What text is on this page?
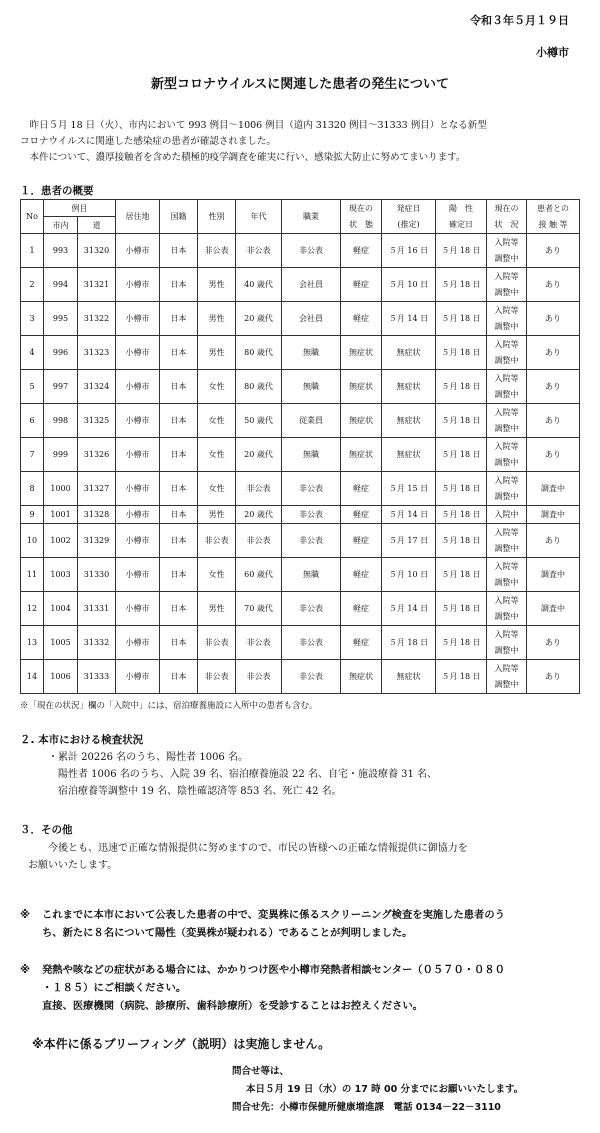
令和３年５月１９日
小樽市
新型コロナウイルスに関連した患者の発生について

昨日５月 18 日（火）、市内において 993 例目～1006 例目（道内 31320 例目～31333 例目）となる新型

コロナウイルスに関連した感染症の患者が確認されました。

本件について、濃厚接触者を含めた積極的疫学調査を確実に行い、感染拡大防止に努めてまいります。

１．患者の概要
No	例目		居住地	国籍	性別	年代	職業	現在の
状　態	発症日
(推定)	陽　性
確定日	現在の
状　況	患者との
接 触 等

	市内	道										
1	993	31320	小樽市	日本	非公表	非公表	非公表	軽症	５月 16 日	５月 18 日	入院等
調整中	あり
2	994	31321	小樽市	日本	男性	40 歳代	会社員	軽症	５月 10 日	５月 18 日	入院等
調整中	あり
3	995	31322	小樽市	日本	男性	20 歳代	会社員	軽症	５月 14 日	５月 18 日	入院等
調整中	あり
4	996	31323	小樽市	日本	男性	80 歳代	無職	無症状	無症状	５月 18 日	入院等
調整中	あり
5	997	31324	小樽市	日本	女性	80 歳代	無職	無症状	無症状	５月 18 日	入院等
調整中	あり
6	998	31325	小樽市	日本	女性	50 歳代	従業員	無症状	無症状	５月 18 日	入院等
調整中	あり
7	999	31326	小樽市	日本	女性	20 歳代	無職	無症状	無症状	５月 18 日	入院等
調整中	あり
8	1000	31327	小樽市	日本	女性	非公表	非公表	軽症	５月 15 日	５月 18 日	入院等
調整中	調査中
9	1001	31328	小樽市	日本	男性	20 歳代	非公表	軽症	５月 14 日	５月 18 日	入院中	調査中
10	1002	31329	小樽市	日本	非公表	非公表	非公表	軽症	５月 17 日	５月 18 日	入院等
調整中	あり
11	1003	31330	小樽市	日本	女性	60 歳代	無職	軽症	５月 10 日	５月 18 日	入院等
調整中	調査中
12	1004	31331	小樽市	日本	男性	70 歳代	非公表	軽症	５月 14 日	５月 18 日	入院等
調整中	調査中
13	1005	31332	小樽市	日本	非公表	非公表	非公表	軽症	５月 18 日	５月 18 日	入院等
調整中	あり
14	1006	31333	小樽市	日本	非公表	非公表	非公表	無症状	無症状	５月 18 日	入院等
調整中	あり
※「現在の状況」欄の「入院中」には、宿泊療養施設に入所中の患者も含む。
２. 本市における検査状況
・累計 20226 名のうち、陽性者 1006 名。
陽性者 1006 名のうち、入院 39 名、宿泊療養施設 22 名、自宅・施設療養 31 名、
宿泊療養等調整中 19 名、陰性確認済等 853 名、死亡 42 名。
３．その他
今後とも、迅速で正確な情報提供に努めますので、市民の皆様への正確な情報提供に御協力を
お願いいたします。
※ これまでに本市において公表した患者の中で、変異株に係るスクリーニング検査を実施した患者のう
ち、新たに８名について陽性（変異株が疑われる）であることが判明しました。
※ 発熱や咳などの症状がある場合には、かかりつけ医や小樽市発熱者相談センター（０５７０・０８０
・１８５）にご相談ください。
直接、医療機関（病院、診療所、歯科診療所）を受診することはお控えください。
※本件に係るブリーフィング（説明）は実施しません。
問合せ等は、
本日５月 19 日（水）の 17 時 00 分までにお願いいたします。
問合せ先：小樽市保健所健康増進課　電話 0134－22－3110
